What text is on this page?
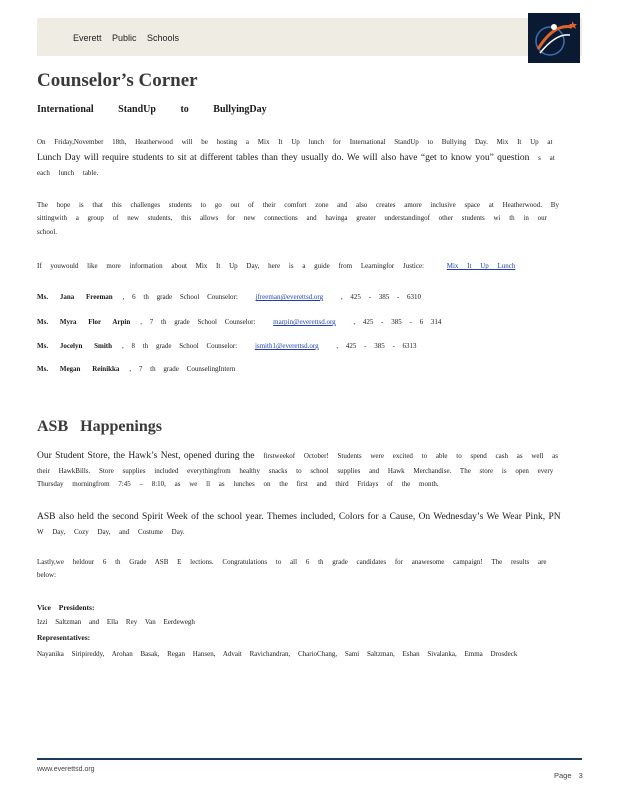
Everett Public Schools
Counselor’s Corner
International StandUp to BullyingDay
On Friday,November 18th, Heatherwood will be hosting a Mix It Up lunch for International StandUp to Bullying Day. Mix It Up at
Lunch Day will require students to sit at different tables than they usually do. We will also have “get to know you” question s at each lunch table.
The hope is that this challenges students to go out of their comfort zone and also creates amore inclusive space at Heatherwood. By sittingwith a group of new students, this allows for new connections and havinga greater understandingof other students wi th in our school.
If youwould like more information about Mix It Up Day, here is a guide from Learningfor Justice:	Mix It Up Lunch
Ms. Jana Freeman , 6 th grade School Counselor:	jfreeman@everettsd.org	, 425 - 385 - 6310
Ms. Myra Flor Arpin , 7 th grade School Counselor:	marpin@everettsd.org	, 425 - 385 - 6 314
Ms. Jocelyn Smith , 8 th grade School Counselor:	jsmith1@everettsd.org	, 425 - 385 - 6313
Ms. Megan Reinikka , 7 th grade CounselingIntern
ASB Happenings
Our Student Store, the Hawk’s Nest, opened during the firstweekof October! Students were excited to able to spend cash as well as their HawkBills. Store supplies included everythingfrom healthy snacks to school supplies and Hawk Merchandise. The store is open every Thursday morningfrom 7:45 – 8:10, as we ll as lunches on the first and third Fridays of the month.
ASB also held the second Spirit Week of the school year. Themes included, Colors for a Cause, On Wednesday’s We Wear Pink, PN W Day, Cozy Day, and Costume Day.
Lastly,we heldour 6 th Grade ASB E lections. Congratulations to all 6 th grade candidates for anawesome campaign! The results are below:
Vice Presidents:
Izzi Saltzman and Ella Rey Van Eerdewegh
Representatives:
Nayanika Siripireddy, Arohan Basak, Regan Hansen, Advait Ravichandran, CharioChang, Sami Saltzman, Eshan Sivalanka, Emma Drosdeck
www.everettsd.org
Page 3
